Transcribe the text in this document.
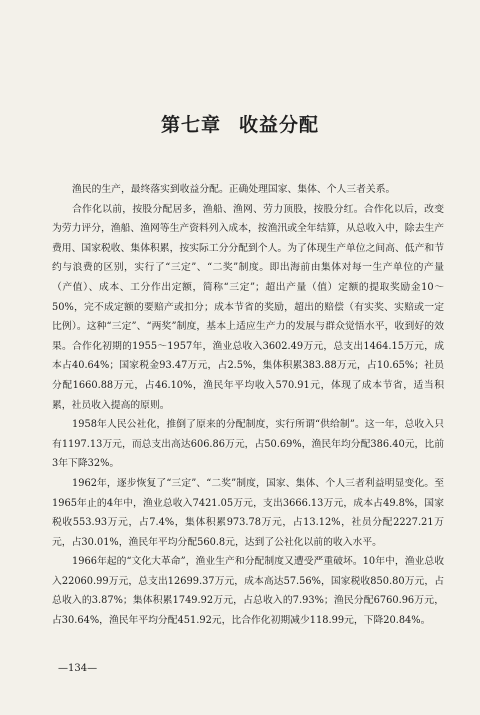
第七章 收益分配

渔民的生产，最终落实到收益分配。正确处理国家、集体、个人三者关系。

合作化以前，按股分配居多，渔船、渔网、劳力顶股，按股分红。合作化以后，改变为劳力评分，渔船、渔网等生产资料列入成本，按渔汛或全年结算，从总收入中，除去生产费用、国家税收、集体积累，按实际工分分配到个人。为了体现生产单位之间高、低产和节约与浪费的区别，实行了“三定”、“二奖”制度。即出海前由集体对每一生产单位的产量（产值）、成本、工分作出定额，简称“三定”；超出产量（值）定额的提取奖励金10～50%，完不成定额的要赔产或扣分；成本节省的奖励，超出的赔偿（有实奖、实赔或一定比例）。这种“三定”、“两奖”制度，基本上适应生产力的发展与群众觉悟水平，收到好的效果。合作化初期的1955～1957年，渔业总收入3602.49万元，总支出1464.15万元，成本占40.64%；国家税金93.47万元，占2.5%，集体积累383.88万元，占10.65%；社员分配1660.88万元，占46.10%，渔民年平均收入570.91元，体现了成本节省，适当积累，社员收入提高的原则。

1958年人民公社化，推倒了原来的分配制度，实行所谓“供给制”。这一年，总收入只有1197.13万元，而总支出高达606.86万元，占50.69%，渔民年均分配386.40元，比前3年下降32%。

1962年，逐步恢复了“三定”、“二奖”制度，国家、集体、个人三者利益明显变化。至1965年止的4年中，渔业总收入7421.05万元，支出3666.13万元，成本占49.8%，国家税收553.93万元，占7.4%，集体积累973.78万元，占13.12%，社员分配2227.21万元，占30.01%，渔民年平均分配560.8元，达到了公社化以前的收入水平。

1966年起的“文化大革命”，渔业生产和分配制度又遭受严重破坏。10年中，渔业总收入22060.99万元，总支出12699.37万元，成本高达57.56%，国家税收850.80万元，占总收入的3.87%；集体积累1749.92万元，占总收入的7.93%；渔民分配6760.96万元，占30.64%，渔民年平均分配451.92元，比合作化初期减少118.99元，下降20.84%。

—134—
